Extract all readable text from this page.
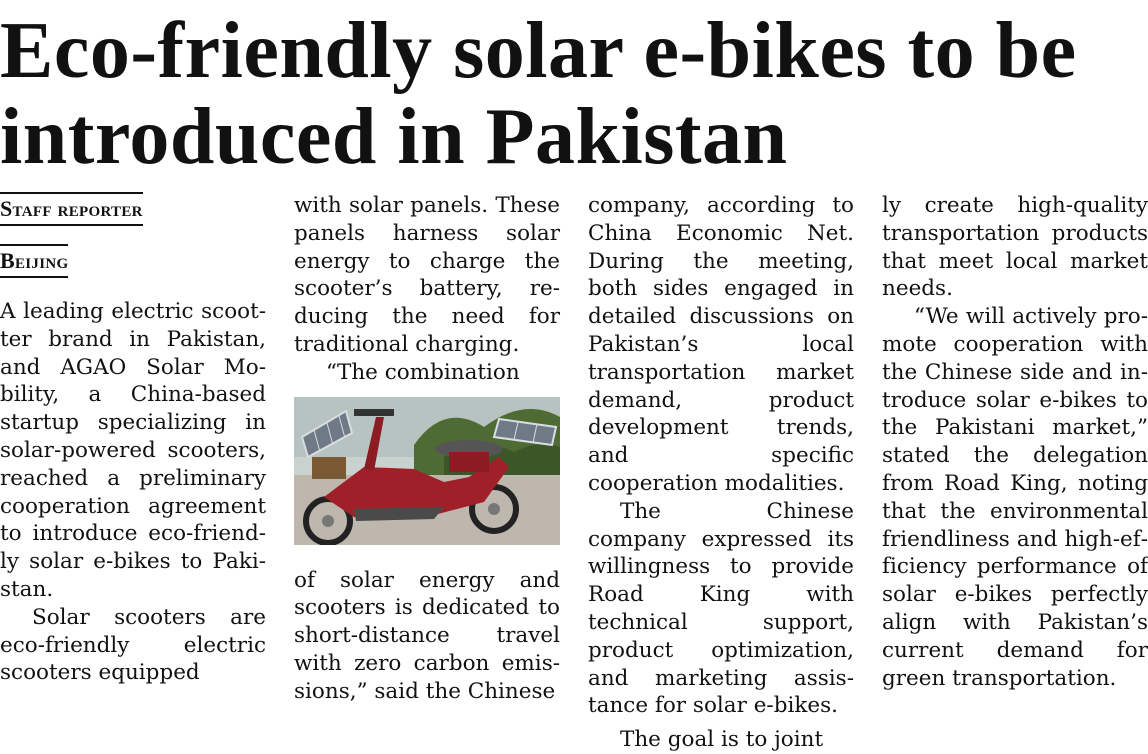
Eco-friendly solar e-bikes to be
introduced in Pakistan
Staff reporter
Beijing

A leading electric scootter brand in Pakistan, and AGAO Solar Mobility, a China-based startup specializing in solar-powered scooters, reached a preliminary cooperation agreement to introduce eco-friendly solar e-bikes to Pakistan.

Solar scooters are eco-friendly electric scooters equipped

with solar panels. These panels harness solar energy to charge the scooter’s battery, reducing the need for traditional charging.

“The combination

of solar energy and scooters is dedicated to short-distance travel with zero carbon emissions,” said the Chinese

company, according to China Economic Net. During the meeting, both sides engaged in detailed discussions on Pakistan’s local transportation market demand, product development trends, and specific cooperation modalities.

The Chinese company expressed its willingness to provide Road King with technical support, product optimization, and marketing assistance for solar e-bikes.

The goal is to joint

ly create high-quality transportation products that meet local market needs.

“We will actively promote cooperation with the Chinese side and introduce solar e-bikes to the Pakistani market,” stated the delegation from Road King, noting that the environmental friendliness and high-efficiency performance of solar e-bikes perfectly align with Pakistan’s current demand for green transportation.
